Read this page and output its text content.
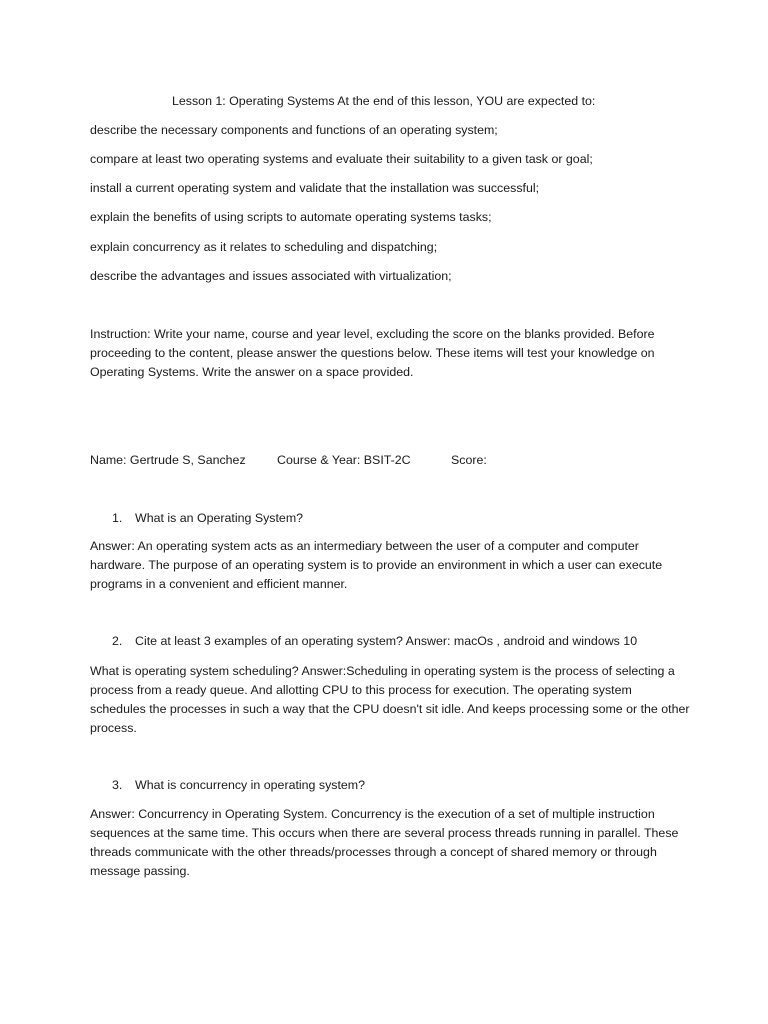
Lesson 1: Operating Systems At the end of this lesson, YOU are expected to:
describe the necessary components and functions of an operating system;
compare at least two operating systems and evaluate their suitability to a given task or goal;
install a current operating system and validate that the installation was successful;
explain the benefits of using scripts to automate operating systems tasks;
explain concurrency as it relates to scheduling and dispatching;
describe the advantages and issues associated with virtualization;
Instruction: Write your name, course and year level, excluding the score on the blanks provided. Before proceeding to the content, please answer the questions below. These items will test your knowledge on Operating Systems. Write the answer on a space provided.
Name: Gertrude S, Sanchez	Course & Year: BSIT-2C	Score:
1. What is an Operating System?
Answer: An operating system acts as an intermediary between the user of a computer and computer hardware. The purpose of an operating system is to provide an environment in which a user can execute programs in a convenient and efficient manner.
2. Cite at least 3 examples of an operating system? Answer: macOs , android and windows 10
What is operating system scheduling? Answer:Scheduling in operating system is the process of selecting a process from a ready queue. And allotting CPU to this process for execution. The operating system schedules the processes in such a way that the CPU doesn't sit idle. And keeps processing some or the other process.
3. What is concurrency in operating system?
Answer: Concurrency in Operating System. Concurrency is the execution of a set of multiple instruction sequences at the same time. This occurs when there are several process threads running in parallel. These threads communicate with the other threads/processes through a concept of shared memory or through message passing.
